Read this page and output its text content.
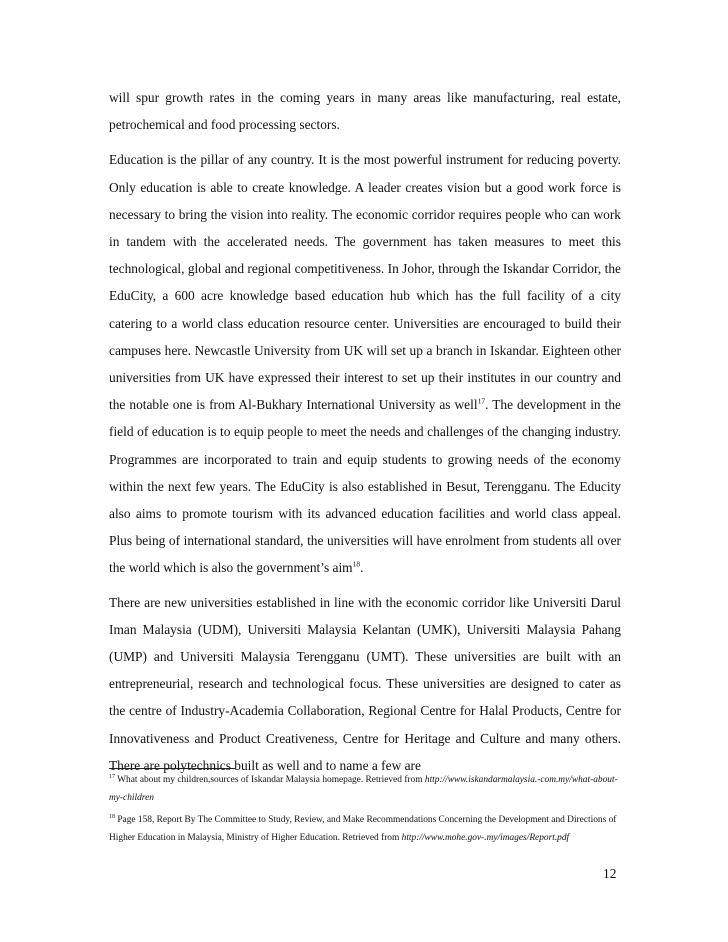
will spur growth rates in the coming years in many areas like manufacturing, real estate, petrochemical and food processing sectors.

Education is the pillar of any country. It is the most powerful instrument for reducing poverty. Only education is able to create knowledge. A leader creates vision but a good work force is necessary to bring the vision into reality. The economic corridor requires people who can work in tandem with the accelerated needs. The government has taken measures to meet this technological, global and regional competitiveness. In Johor, through the Iskandar Corridor, the EduCity, a 600 acre knowledge based education hub which has the full facility of a city catering to a world class education resource center. Universities are encouraged to build their campuses here. Newcastle University from UK will set up a branch in Iskandar. Eighteen other universities from UK have expressed their interest to set up their institutes in our country and the notable one is from Al-Bukhary International University as well$^{17}$. The development in the field of education is to equip people to meet the needs and challenges of the changing industry. Programmes are incorporated to train and equip students to growing needs of the economy within the next few years. The EduCity is also established in Besut, Terengganu. The Educity also aims to promote tourism with its advanced education facilities and world class appeal. Plus being of international standard, the universities will have enrolment from students all over the world which is also the government’s aim$^{18}$.

There are new universities established in line with the economic corridor like Universiti Darul Iman Malaysia (UDM), Universiti Malaysia Kelantan (UMK), Universiti Malaysia Pahang (UMP) and Universiti Malaysia Terengganu (UMT). These universities are built with an entrepreneurial, research and technological focus. These universities are designed to cater as the centre of Industry-Academia Collaboration, Regional Centre for Halal Products, Centre for Innovativeness and Product Creativeness, Centre for Heritage and Culture and many others. There are polytechnics built as well and to name a few are

$^{17}$ What about my children,sources of Iskandar Malaysia homepage. Retrieved from http://www.iskandarmalaysia.-com.my/what-about-my-children

$^{18}$ Page 158, Report By The Committee to Study, Review, and Make Recommendations Concerning the Development and Directions of Higher Education in Malaysia, Ministry of Higher Education. Retrieved from http://www.mohe.gov-.my/images/Report.pdf

12
